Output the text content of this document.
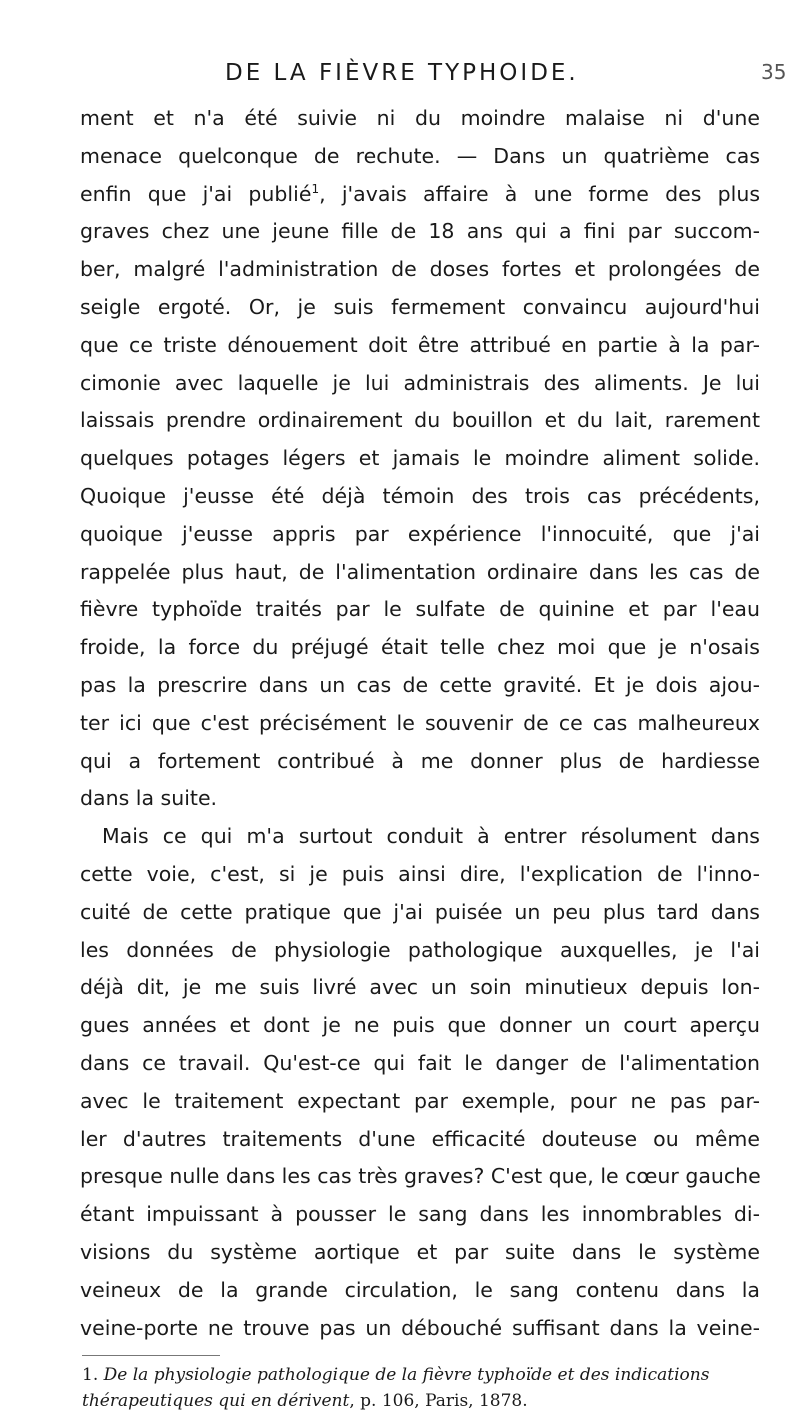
DE LA FIÈVRE TYPHOIDE.	35
ment et n'a été suivie ni du moindre malaise ni d'une
menace quelconque de rechute. — Dans un quatrième cas
enfin que j'ai publié$^1$, j'avais affaire à une forme des plus
graves chez une jeune fille de 18 ans qui a fini par succom-
ber, malgré l'administration de doses fortes et prolongées de
seigle ergoté. Or, je suis fermement convaincu aujourd'hui
que ce triste dénouement doit être attribué en partie à la par-
cimonie avec laquelle je lui administrais des aliments. Je lui
laissais prendre ordinairement du bouillon et du lait, rarement
quelques potages légers et jamais le moindre aliment solide.
Quoique j'eusse été déjà témoin des trois cas précédents,
quoique j'eusse appris par expérience l'innocuité, que j'ai
rappelée plus haut, de l'alimentation ordinaire dans les cas de
fièvre typhoïde traités par le sulfate de quinine et par l'eau
froide, la force du préjugé était telle chez moi que je n'osais
pas la prescrire dans un cas de cette gravité. Et je dois ajou-
ter ici que c'est précisément le souvenir de ce cas malheureux
qui a fortement contribué à me donner plus de hardiesse
dans la suite.
Mais ce qui m'a surtout conduit à entrer résolument dans
cette voie, c'est, si je puis ainsi dire, l'explication de l'inno-
cuité de cette pratique que j'ai puisée un peu plus tard dans
les données de physiologie pathologique auxquelles, je l'ai
déjà dit, je me suis livré avec un soin minutieux depuis lon-
gues années et dont je ne puis que donner un court aperçu
dans ce travail. Qu'est-ce qui fait le danger de l'alimentation
avec le traitement expectant par exemple, pour ne pas par-
ler d'autres traitements d'une efficacité douteuse ou même
presque nulle dans les cas très graves? C'est que, le cœur gauche
étant impuissant à pousser le sang dans les innombrables di-
visions du système aortique et par suite dans le système
veineux de la grande circulation, le sang contenu dans la
veine-porte ne trouve pas un débouché suffisant dans la veine-
1. De la physiologie pathologique de la fièvre typhoïde et des indications
thérapeutiques qui en dérivent, p. 106, Paris, 1878.
